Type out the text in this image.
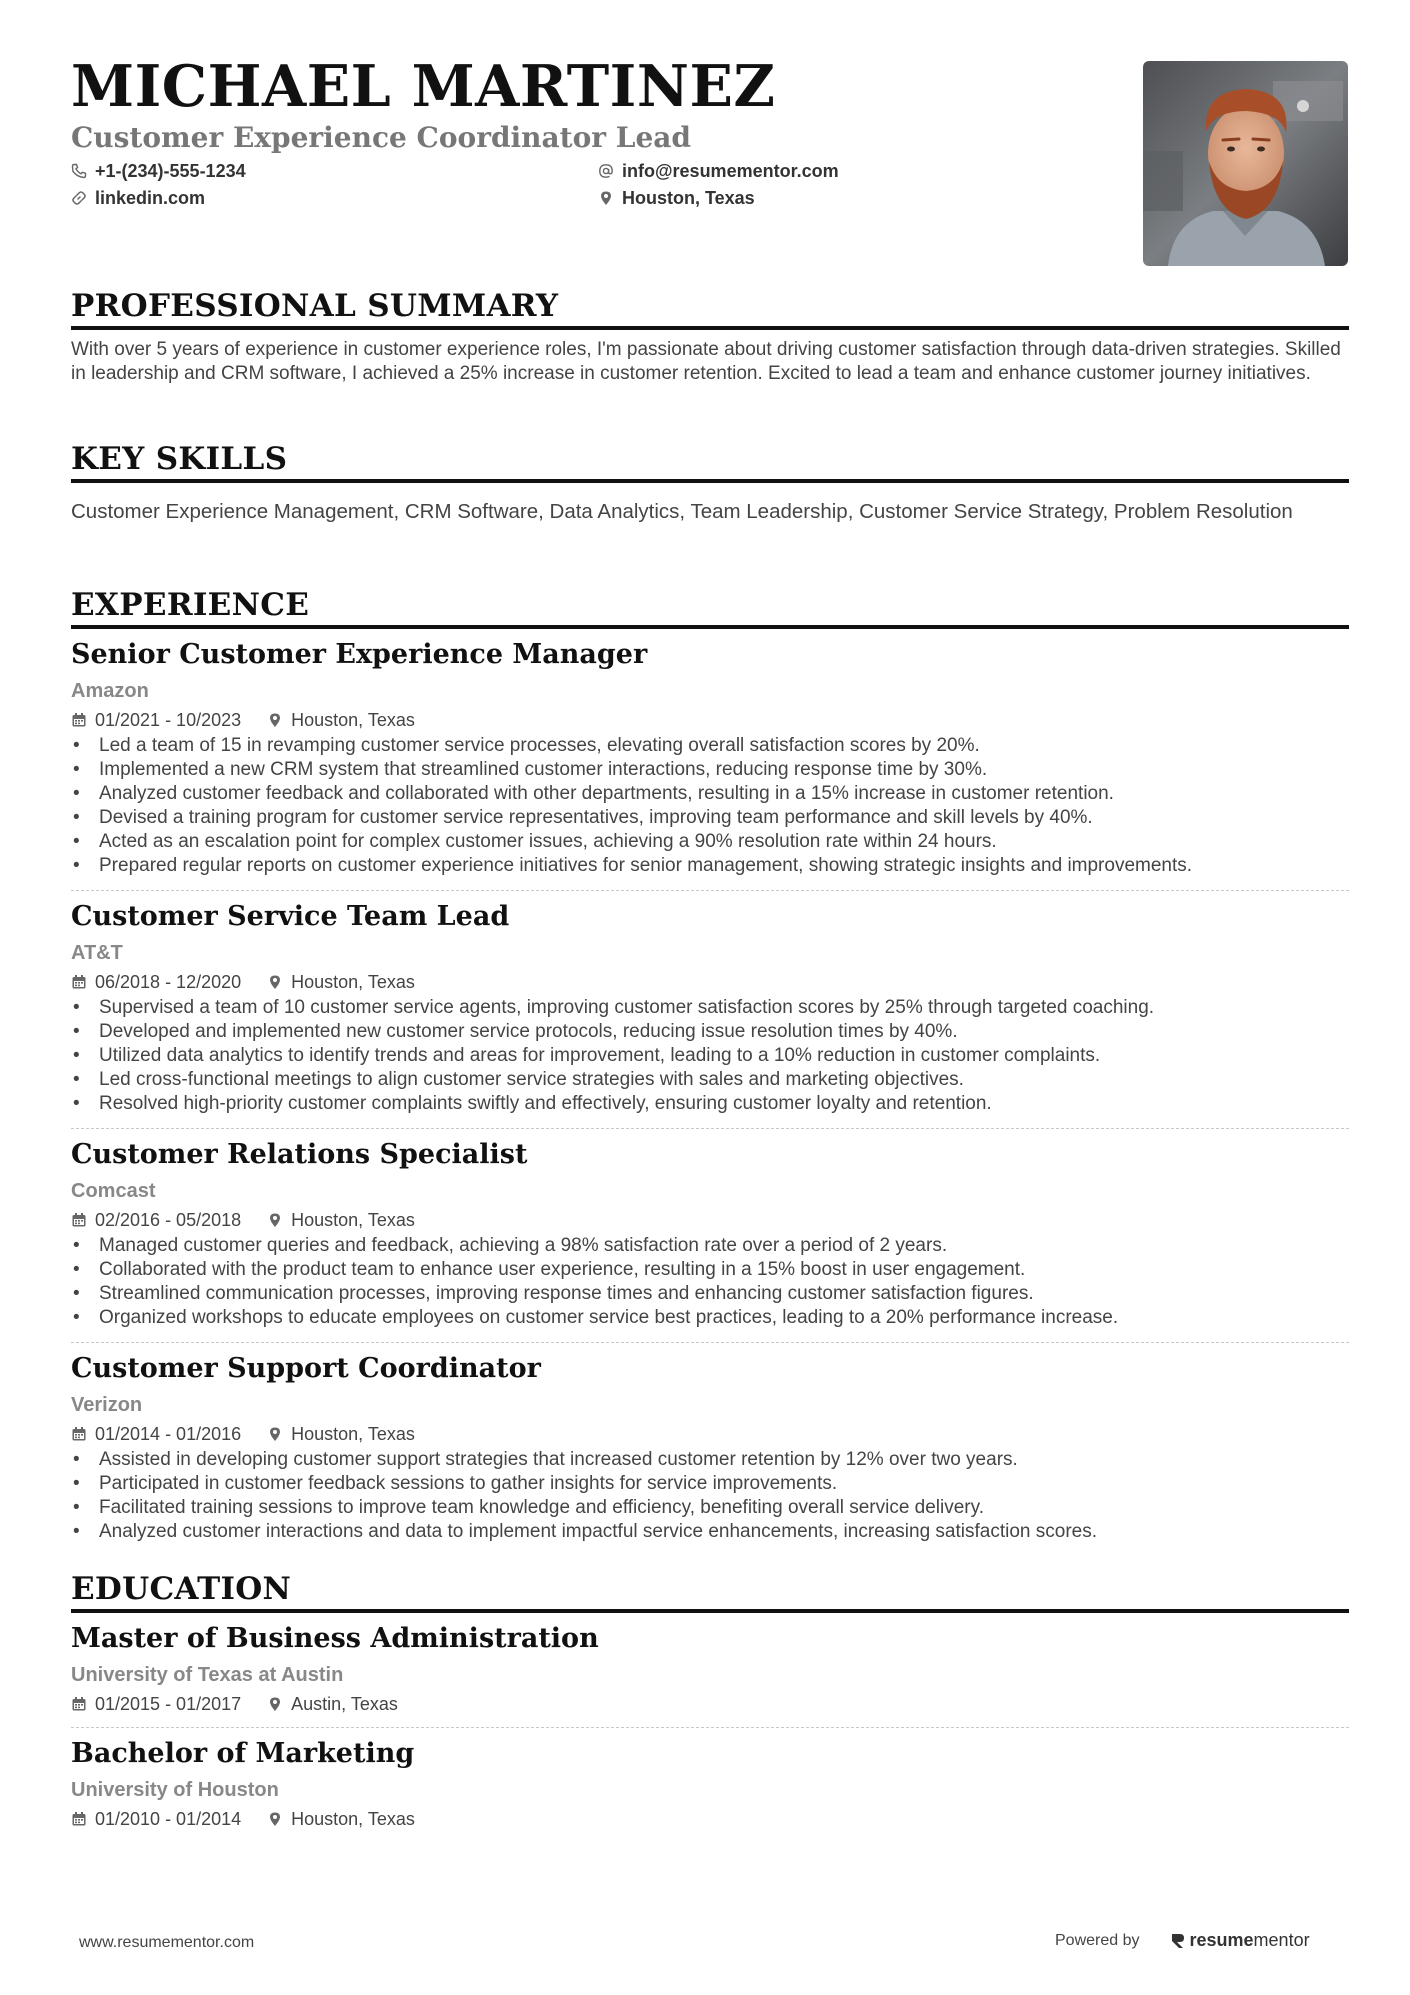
MICHAEL MARTINEZ
Customer Experience Coordinator Lead
+1-(234)-555-1234
linkedin.com
info@resumementor.com
Houston, Texas
PROFESSIONAL SUMMARY

With over 5 years of experience in customer experience roles, I'm passionate about driving customer satisfaction through data-driven strategies. Skilled in leadership and CRM software, I achieved a 25% increase in customer retention. Excited to lead a team and enhance customer journey initiatives.

KEY SKILLS

Customer Experience Management, CRM Software, Data Analytics, Team Leadership, Customer Service Strategy, Problem Resolution

EXPERIENCE
Senior Customer Experience Manager
Amazon
01/2021 - 10/2023	Houston, Texas
• Led a team of 15 in revamping customer service processes, elevating overall satisfaction scores by 20%.
• Implemented a new CRM system that streamlined customer interactions, reducing response time by 30%.
• Analyzed customer feedback and collaborated with other departments, resulting in a 15% increase in customer retention.
• Devised a training program for customer service representatives, improving team performance and skill levels by 40%.
• Acted as an escalation point for complex customer issues, achieving a 90% resolution rate within 24 hours.
• Prepared regular reports on customer experience initiatives for senior management, showing strategic insights and improvements.
Customer Service Team Lead
AT&T
06/2018 - 12/2020	Houston, Texas
• Supervised a team of 10 customer service agents, improving customer satisfaction scores by 25% through targeted coaching.
• Developed and implemented new customer service protocols, reducing issue resolution times by 40%.
• Utilized data analytics to identify trends and areas for improvement, leading to a 10% reduction in customer complaints.
• Led cross-functional meetings to align customer service strategies with sales and marketing objectives.
• Resolved high-priority customer complaints swiftly and effectively, ensuring customer loyalty and retention.
Customer Relations Specialist
Comcast
02/2016 - 05/2018	Houston, Texas
• Managed customer queries and feedback, achieving a 98% satisfaction rate over a period of 2 years.
• Collaborated with the product team to enhance user experience, resulting in a 15% boost in user engagement.
• Streamlined communication processes, improving response times and enhancing customer satisfaction figures.
• Organized workshops to educate employees on customer service best practices, leading to a 20% performance increase.
Customer Support Coordinator
Verizon
01/2014 - 01/2016	Houston, Texas
• Assisted in developing customer support strategies that increased customer retention by 12% over two years.
• Participated in customer feedback sessions to gather insights for service improvements.
• Facilitated training sessions to improve team knowledge and efficiency, benefiting overall service delivery.
• Analyzed customer interactions and data to implement impactful service enhancements, increasing satisfaction scores.
EDUCATION
Master of Business Administration
University of Texas at Austin
01/2015 - 01/2017	Austin, Texas
Bachelor of Marketing
University of Houston
01/2010 - 01/2014	Houston, Texas
www.resumementor.com	Powered by	resumementor
